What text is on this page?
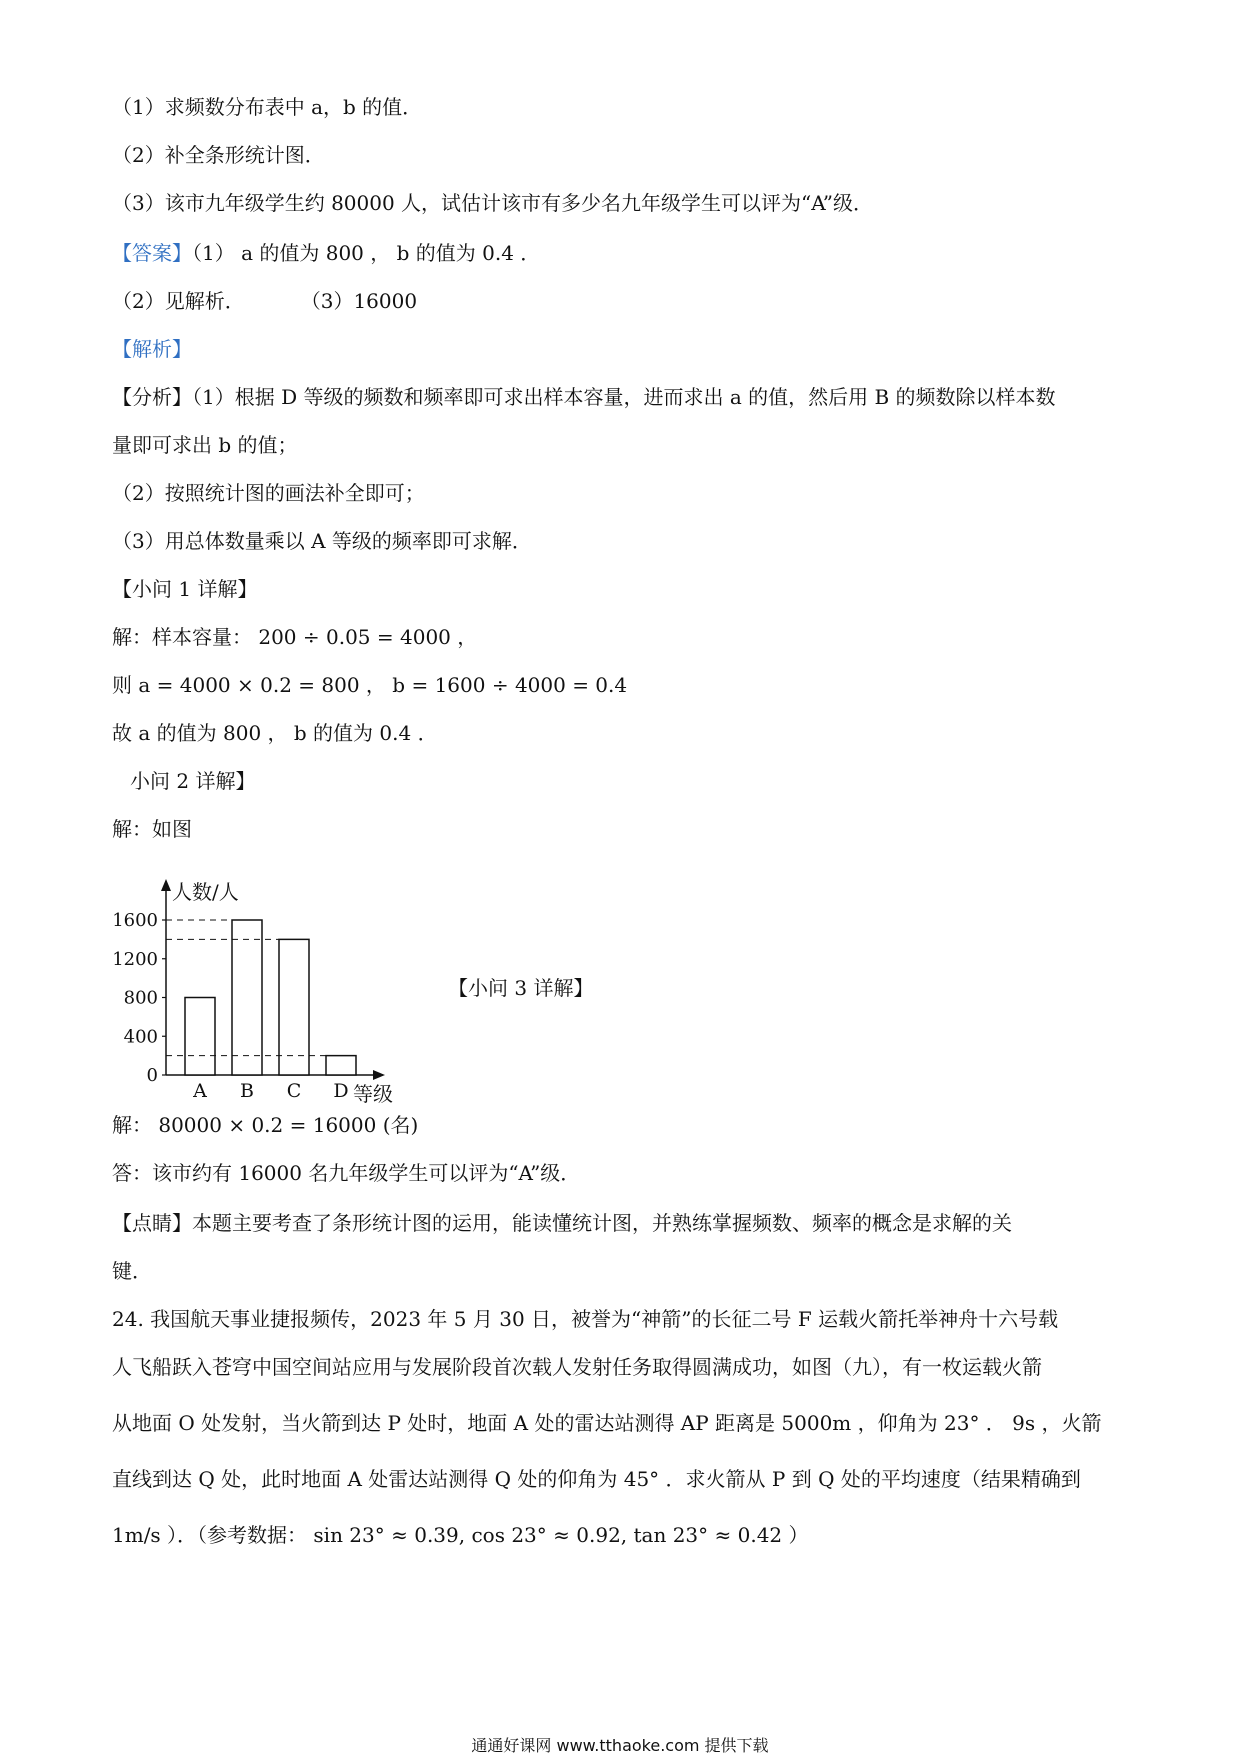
（1）求频数分布表中 a，b 的值．
（2）补全条形统计图．
（3）该市九年级学生约 80000 人，试估计该市有多少名九年级学生可以评为“A”级．
【答案】（1） a 的值为 800 ， b 的值为 0.4 ．
（2）见解析．	（3）16000
【解析】
【分析】（1）根据 D 等级的频数和频率即可求出样本容量，进而求出 a 的值，然后用 B 的频数除以样本数
量即可求出 b 的值；
（2）按照统计图的画法补全即可；
（3）用总体数量乘以 A 等级的频率即可求解．
【小问 1 详解】
解：样本容量： 200 ÷ 0.05 = 4000 ，
则 a = 4000 × 0.2 = 800 ， b = 1600 ÷ 4000 = 0.4
故 a 的值为 800 ， b 的值为 0.4 ．
小问 2 详解】
解：如图
人数/人
等级
0
400
800
1200
1600
A B C D
【小问 3 详解】
解： 80000 × 0.2 = 16000 (名)
答：该市约有 16000 名九年级学生可以评为“A”级．
【点睛】本题主要考查了条形统计图的运用，能读懂统计图，并熟练掌握频数、频率的概念是求解的关
键．
24. 我国航天事业捷报频传，2023 年 5 月 30 日，被誉为“神箭”的长征二号 F 运载火箭托举神舟十六号载
人飞船跃入苍穹中国空间站应用与发展阶段首次载人发射任务取得圆满成功，如图（九），有一枚运载火箭
从地面 O 处发射，当火箭到达 P 处时，地面 A 处的雷达站测得 AP 距离是 5000m ，仰角为 23° ． 9s ，火箭
直线到达 Q 处，此时地面 A 处雷达站测得 Q 处的仰角为 45° ．求火箭从 P 到 Q 处的平均速度（结果精确到
1m/s ）．（参考数据： sin 23° ≈ 0.39, cos 23° ≈ 0.92, tan 23° ≈ 0.42 ）
通通好课网 www.tthaoke.com 提供下载
